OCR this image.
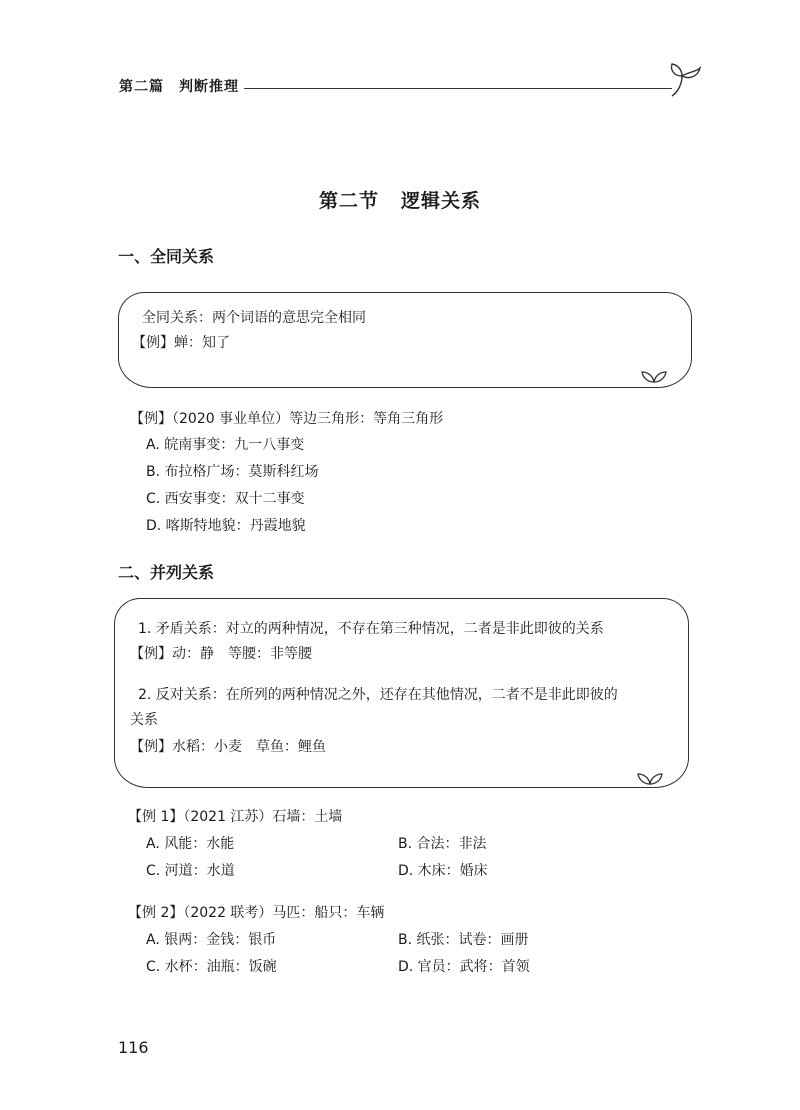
第二篇　判断推理
第二节 逻辑关系
一、全同关系
全同关系：两个词语的意思完全相同
【例】蝉：知了
【例】（2020 事业单位）等边三角形：等角三角形
A. 皖南事变：九一八事变
B. 布拉格广场：莫斯科红场
C. 西安事变：双十二事变
D. 喀斯特地貌：丹霞地貌
二、并列关系
1. 矛盾关系：对立的两种情况，不存在第三种情况，二者是非此即彼的关系
【例】动：静　等腰：非等腰
2. 反对关系：在所列的两种情况之外，还存在其他情况，二者不是非此即彼的
关系
【例】水稻：小麦　草鱼：鲤鱼
【例 1】（2021 江苏）石墙：土墙
A. 风能：水能	B. 合法：非法
C. 河道：水道	D. 木床：婚床
【例 2】（2022 联考）马匹：船只：车辆
A. 银两：金钱：银币	B. 纸张：试卷：画册
C. 水杯：油瓶：饭碗	D. 官员：武将：首领
116
